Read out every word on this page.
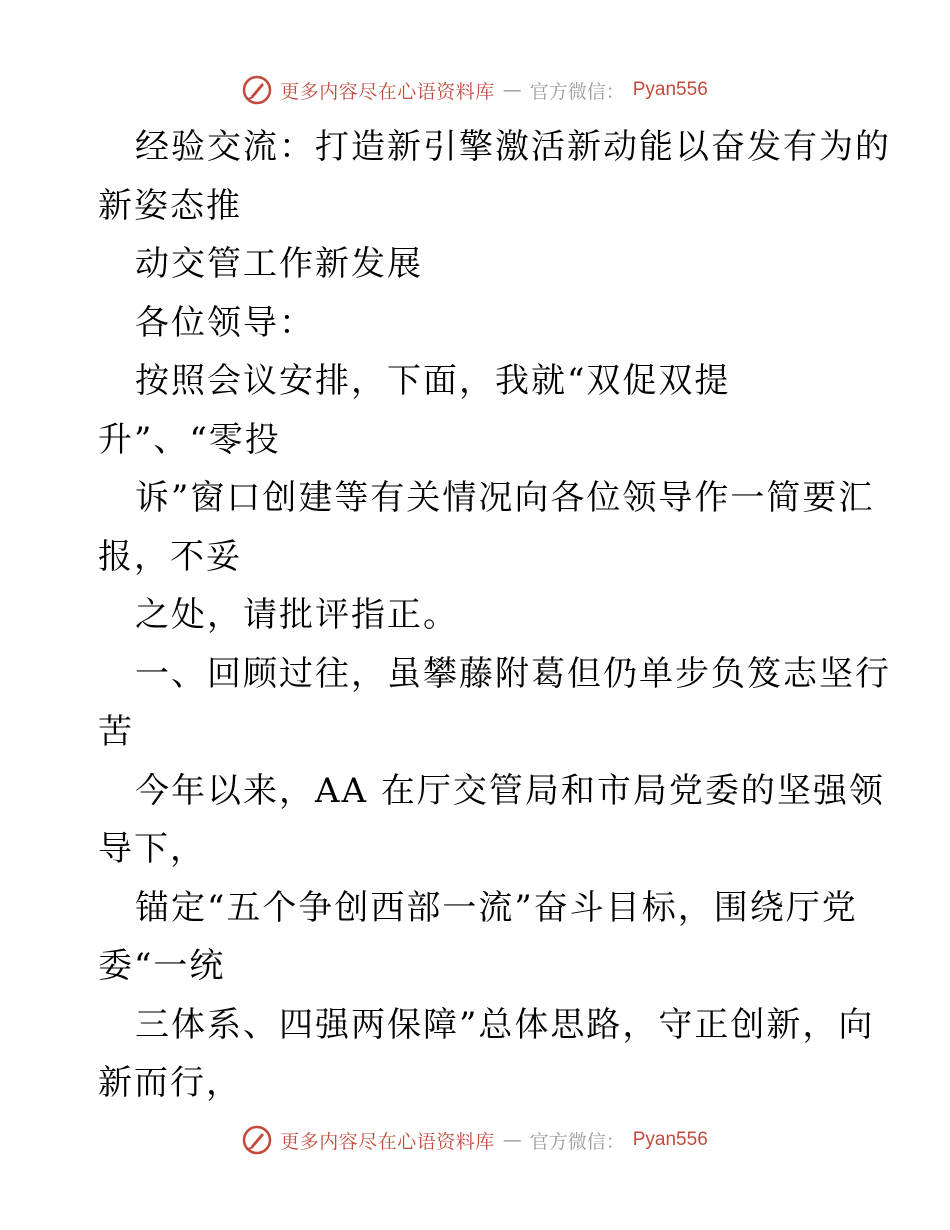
更多内容尽在心语资料库 — 官方微信： Pyan556
经验交流：打造新引擎激活新动能以奋发有为的
新姿态推
动交管工作新发展
各位领导：
按照会议安排，下面，我就“双促双提
升”、“零投
诉”窗口创建等有关情况向各位领导作一简要汇
报，不妥
之处，请批评指正。
一、回顾过往，虽攀藤附葛但仍单步负笈志坚行
苦
今年以来，AA 在厅交管局和市局党委的坚强领
导下，
锚定“五个争创西部一流”奋斗目标，围绕厅党
委“一统
三体系、四强两保障”总体思路，守正创新，向
新而行，
更多内容尽在心语资料库 — 官方微信： Pyan556
